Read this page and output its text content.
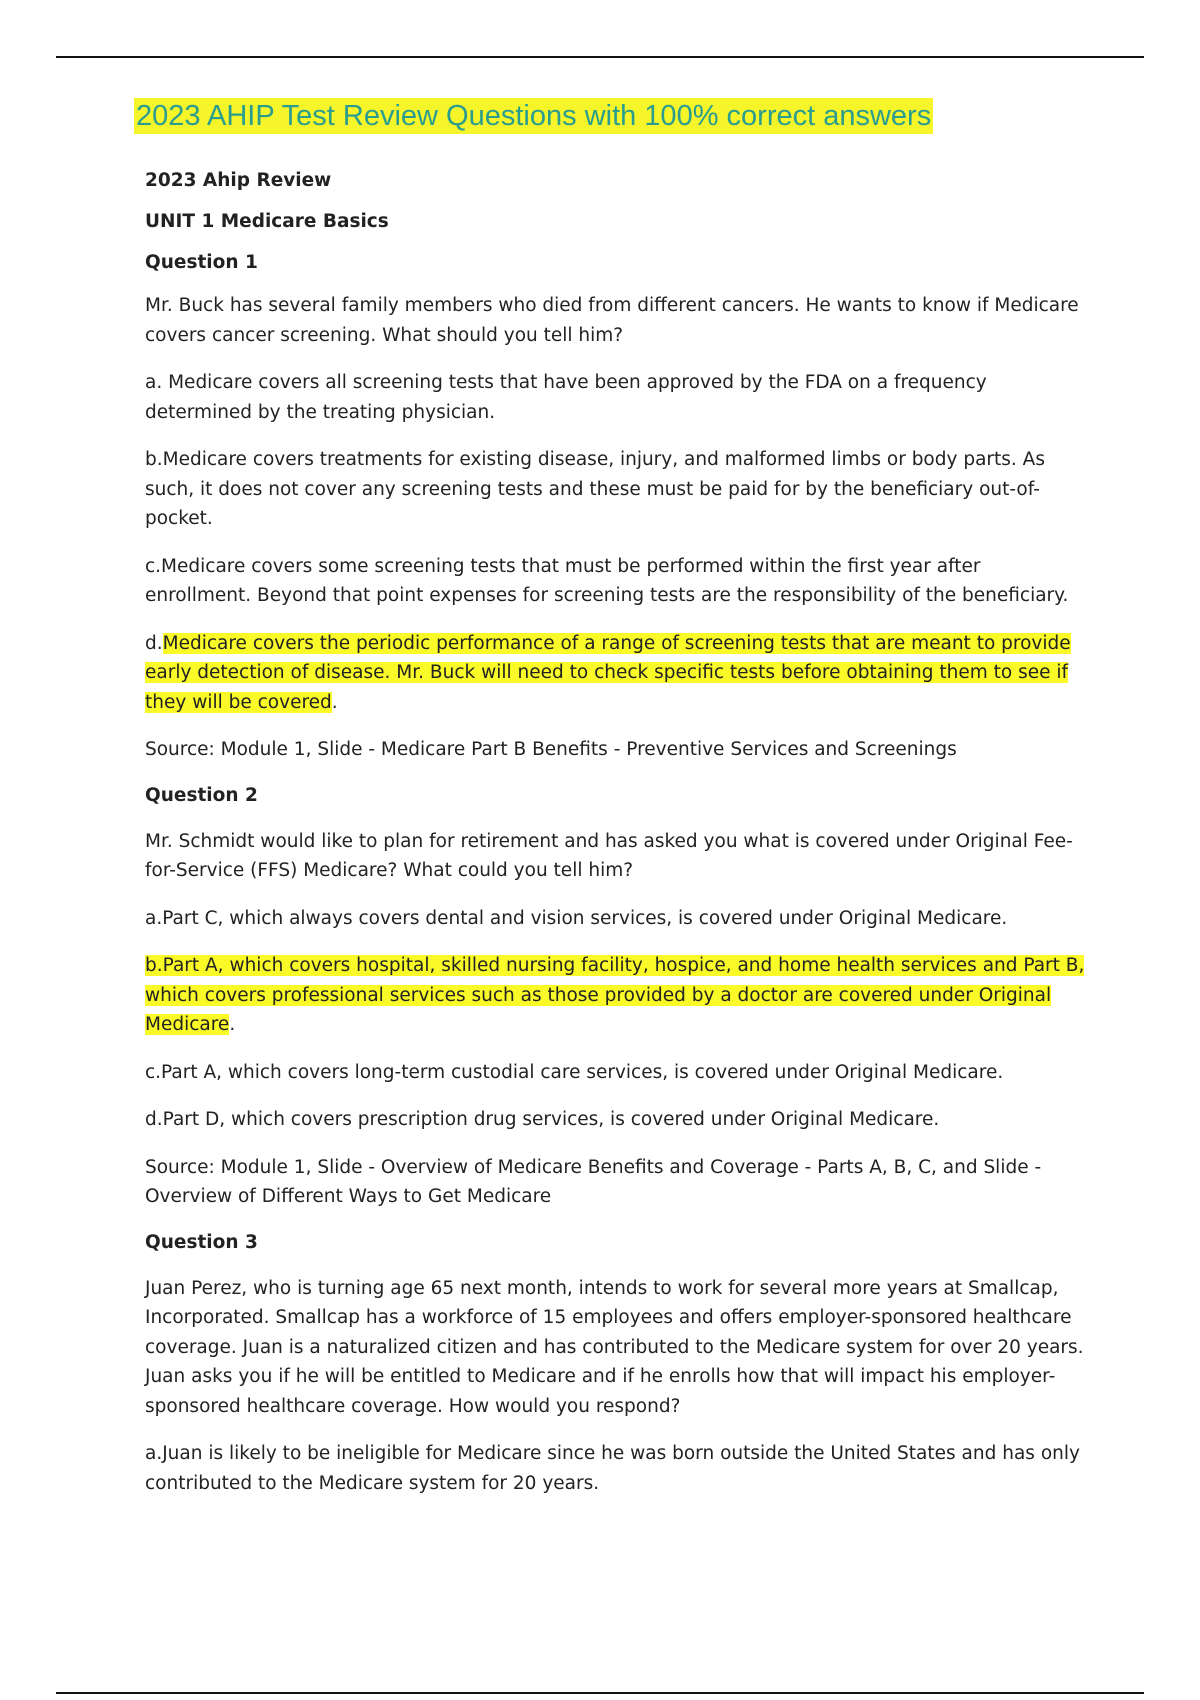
2023 AHIP Test Review Questions with 100% correct answers

2023 Ahip Review

UNIT 1 Medicare Basics

Question 1

Mr. Buck has several family members who died from different cancers. He wants to know if Medicare covers cancer screening. What should you tell him?

a. Medicare covers all screening tests that have been approved by the FDA on a frequency determined by the treating physician.

b.Medicare covers treatments for existing disease, injury, and malformed limbs or body parts. As such, it does not cover any screening tests and these must be paid for by the beneficiary out-of-pocket.

c.Medicare covers some screening tests that must be performed within the first year after enrollment. Beyond that point expenses for screening tests are the responsibility of the beneficiary.

d.Medicare covers the periodic performance of a range of screening tests that are meant to provide early detection of disease. Mr. Buck will need to check specific tests before obtaining them to see if they will be covered.

Source: Module 1, Slide - Medicare Part B Benefits - Preventive Services and Screenings

Question 2

Mr. Schmidt would like to plan for retirement and has asked you what is covered under Original Fee-for-Service (FFS) Medicare? What could you tell him?

a.Part C, which always covers dental and vision services, is covered under Original Medicare.

b.Part A, which covers hospital, skilled nursing facility, hospice, and home health services and Part B, which covers professional services such as those provided by a doctor are covered under Original Medicare.

c.Part A, which covers long-term custodial care services, is covered under Original Medicare.

d.Part D, which covers prescription drug services, is covered under Original Medicare.

Source: Module 1, Slide - Overview of Medicare Benefits and Coverage - Parts A, B, C, and Slide - Overview of Different Ways to Get Medicare

Question 3

Juan Perez, who is turning age 65 next month, intends to work for several more years at Smallcap, Incorporated. Smallcap has a workforce of 15 employees and offers employer-sponsored healthcare coverage. Juan is a naturalized citizen and has contributed to the Medicare system for over 20 years. Juan asks you if he will be entitled to Medicare and if he enrolls how that will impact his employer-sponsored healthcare coverage. How would you respond?

a.Juan is likely to be ineligible for Medicare since he was born outside the United States and has only contributed to the Medicare system for 20 years.
